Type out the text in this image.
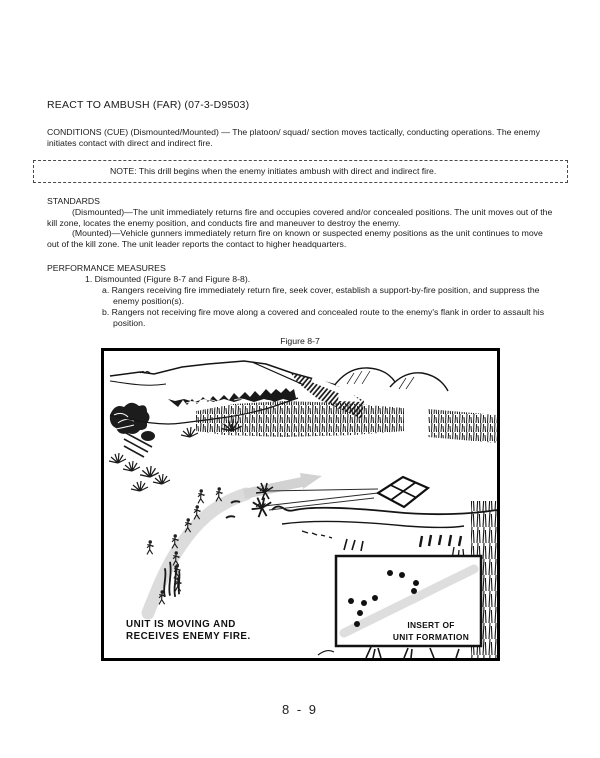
REACT TO AMBUSH (FAR) (07-3-D9503)

CONDITIONS (CUE) (Dismounted/Mounted) — The platoon/ squad/ section moves tactically, conducting operations. The enemy initiates contact with direct and indirect fire.

NOTE: This drill begins when the enemy initiates ambush with direct and indirect fire.

STANDARDS

(Dismounted)—The unit immediately returns fire and occupies covered and/or concealed positions. The unit moves out of the kill zone, locates the enemy position, and conducts fire and maneuver to destroy the enemy.

(Mounted)—Vehicle gunners immediately return fire on known or suspected enemy positions as the unit continues to move out of the kill zone. The unit leader reports the contact to higher headquarters.

PERFORMANCE MEASURES

1. Dismounted (Figure 8-7 and Figure 8-8).

a. Rangers receiving fire immediately return fire, seek cover, establish a support-by-fire position, and suppress the enemy position(s).

b. Rangers not receiving fire move along a covered and concealed route to the enemy's flank in order to assault his position.

Figure 8-7

INSERT OF
UNIT FORMATION
UNIT IS MOVING AND
RECEIVES ENEMY FIRE.
8 - 9
